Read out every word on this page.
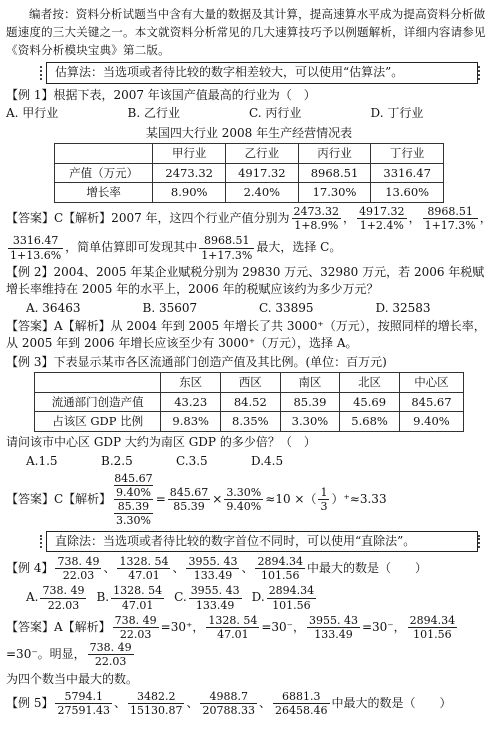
编者按：资料分析试题当中含有大量的数据及其计算，提高速算水平成为提高资料分析做题速度的三大关键之一。本文就资料分析常见的几大速算技巧予以例题解析，详细内容请参见《资料分析模块宝典》第二版。

估算法：当选项或者待比较的数字相差较大，可以使用“估算法”。

【例 1】根据下表，2007 年该国产值最高的行业为（　）

A. 甲行业	B. 乙行业	C. 丙行业	D. 丁行业
某国四大行业 2008 年生产经营情况表
	甲行业	乙行业	丙行业	丁行业
产值（万元）	2473.32	4917.32	8968.51	3316.47
增长率	8.90%	2.40%	17.30%	13.60%
【答案】C【解析】2007 年，这四个行业产值分别为 $\frac{2473.32}{1+8.9\%}$ ， $\frac{4917.32}{1+2.4\%}$ ， $\frac{8968.51}{1+17.3\%}$ ，
$\frac{3316.47}{1+13.6\%}$ ，简单估算即可发现其中 $\frac{8968.51}{1+17.3\%}$ 最大，选择 C。

【例 2】2004、2005 年某企业赋税分别为 29830 万元、32980 万元，若 2006 年税赋增长率维持在 2005 年的水平上，2006 年的税赋应该约为多少万元？

A. 36463	B. 35607	C. 33895	D. 32583

【答案】A【解析】从 2004 年到 2005 年增长了共 3000⁺（万元），按照同样的增长率，从 2005 年到 2006 年增长应该至少有 3000⁺（万元），选择 A。

【例 3】下表显示某市各区流通部门创造产值及其比例。(单位：百万元)

	东区	西区	南区	北区	中心区
流通部门创造产值	43.23	84.52	85.39	45.69	845.67
占该区 GDP 比例	9.83%	8.35%	3.30%	5.68%	9.40%

请问该市中心区 GDP 大约为南区 GDP 的多少倍？（　）

A.1.5	B.2.5	C.3.5	D.4.5
【答案】C【解析】
845.67
9.40%
85.39
3.30%
= $\frac{845.67}{85.39} \times \frac{3.30\%}{9.40\%} \approx 10$ ×（ $\frac{1}{3} )^+\approx 3.33$
直除法：当选项或者待比较的数字首位不同时，可以使用“直除法”。
【例 4】 $\frac{738. 49}{22.03}$ 、 $\frac{1328. 54}{47.01}$ 、 $\frac{3955. 43}{133.49}$ 、 $\frac{2894.34}{101.56}$ 中最大的数是（　　）
A. $\frac{738. 49}{22.03} B$. $\frac{1328. 54}{47.01} C$. $\frac{3955. 43}{133.49} D$. $\frac{2894.34}{101.56}$
【答案】A【解析】 $\frac{738. 49}{22.03} =30^+$， $\frac{1328. 54}{47.01} =30^-$， $\frac{3955. 43}{133.49} =30^-$， $\frac{2894.34}{101.56}$
=30⁻。明显， $\frac{738. 49}{22.03}$

为四个数当中最大的数。

【例 5】 $\frac{5794.1}{27591.43}$ 、 $\frac{3482.2}{15130.87}$ 、 $\frac{4988.7}{20788.33}$ 、 $\frac{6881.3}{26458.46}$ 中最大的数是（　　）
